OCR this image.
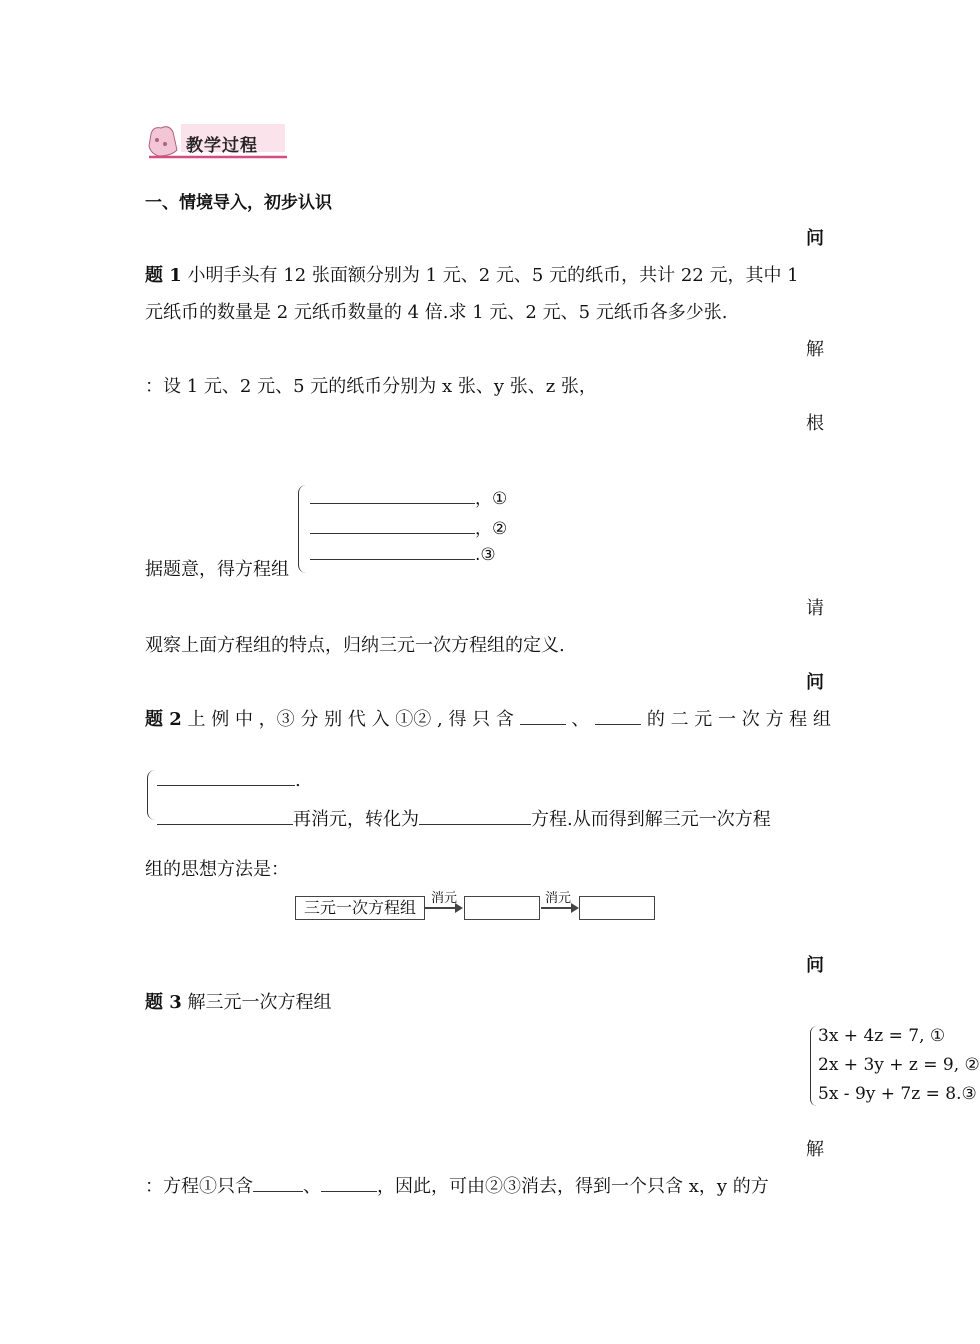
教学过程
一、情境导入，初步认识
问
题 1 小明手头有 12 张面额分别为 1 元、2 元、5 元的纸币，共计 22 元，其中 1
元纸币的数量是 2 元纸币数量的 4 倍.求 1 元、2 元、5 元纸币各多少张.
解
：设 1 元、2 元、5 元的纸币分别为 x 张、y 张、z 张，
根
，①
，②
.③
据题意，得方程组
请
观察上面方程组的特点，归纳三元一次方程组的定义.
问
题 2 上 例 中 ，③ 分 别 代 入 ①② , 得 只 含	、	的 二 元 一 次 方 程 组
.
再消元，转化为	方程.从而得到解三元一次方程
组的思想方法是：
三元一次方程组	消元	消元
问
题 3 解三元一次方程组
3x + 4z = 7, ①
2x + 3y + z = 9, ②
5x - 9y + 7z = 8.③
解
：方程①只含	、	，因此，可由②③消去，得到一个只含 x，y 的方
